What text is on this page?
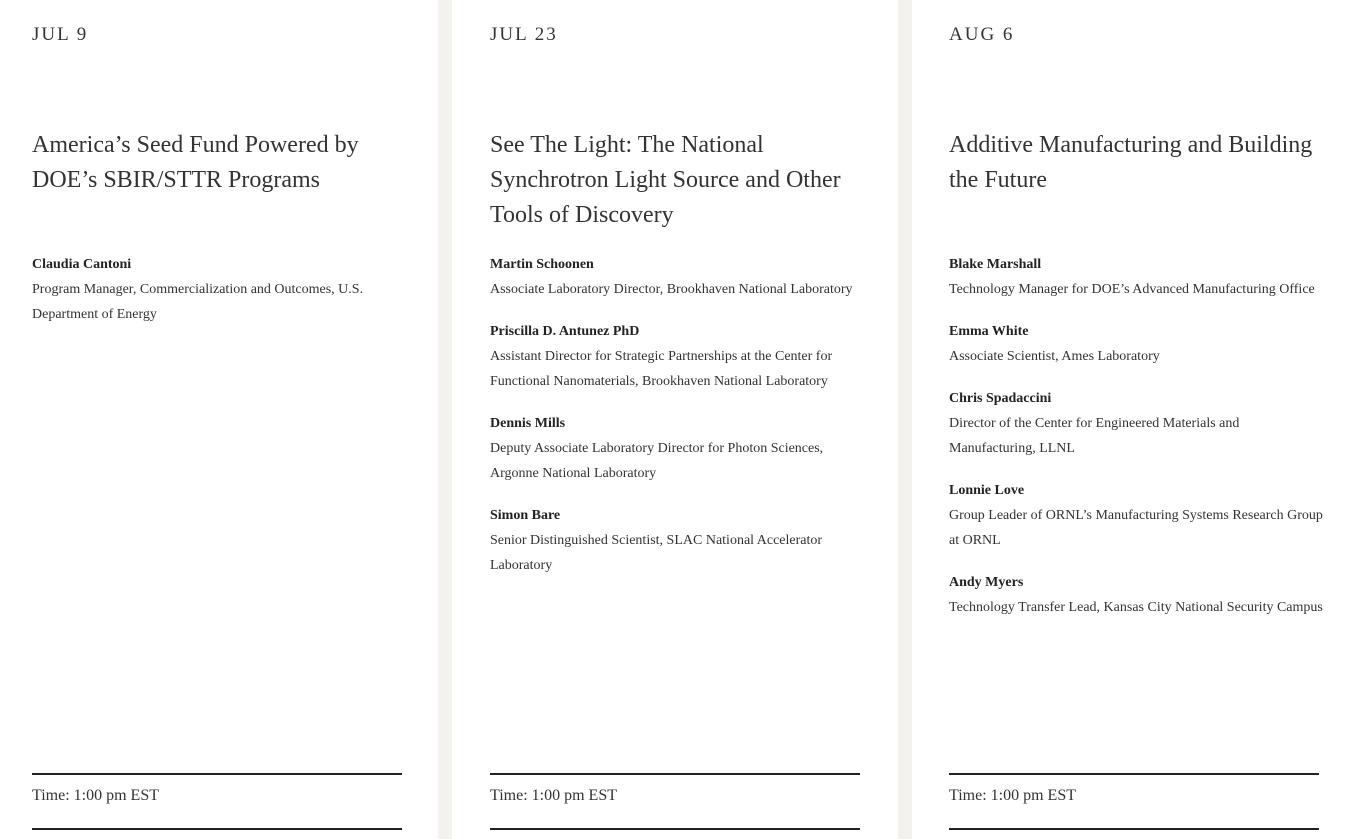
JUL 9
America’s Seed Fund Powered by DOE’s SBIR/STTR Programs
Claudia Cantoni
Program Manager, Commercialization and Outcomes, U.S. Department of Energy
Time: 1:00 pm EST
JUL 23
See The Light: The National Synchrotron Light Source and Other Tools of Discovery
Martin Schoonen
Associate Laboratory Director, Brookhaven National Laboratory
Priscilla D. Antunez PhD
Assistant Director for Strategic Partnerships at the Center for Functional Nanomaterials, Brookhaven National Laboratory
Dennis Mills
Deputy Associate Laboratory Director for Photon Sciences, Argonne National Laboratory
Simon Bare
Senior Distinguished Scientist, SLAC National Accelerator Laboratory
Time: 1:00 pm EST
AUG 6
Additive Manufacturing and Building the Future
Blake Marshall
Technology Manager for DOE’s Advanced Manufacturing Office
Emma White
Associate Scientist, Ames Laboratory
Chris Spadaccini
Director of the Center for Engineered Materials and Manufacturing, LLNL
Lonnie Love
Group Leader of ORNL’s Manufacturing Systems Research Group at ORNL
Andy Myers
Technology Transfer Lead, Kansas City National Security Campus
Time: 1:00 pm EST
